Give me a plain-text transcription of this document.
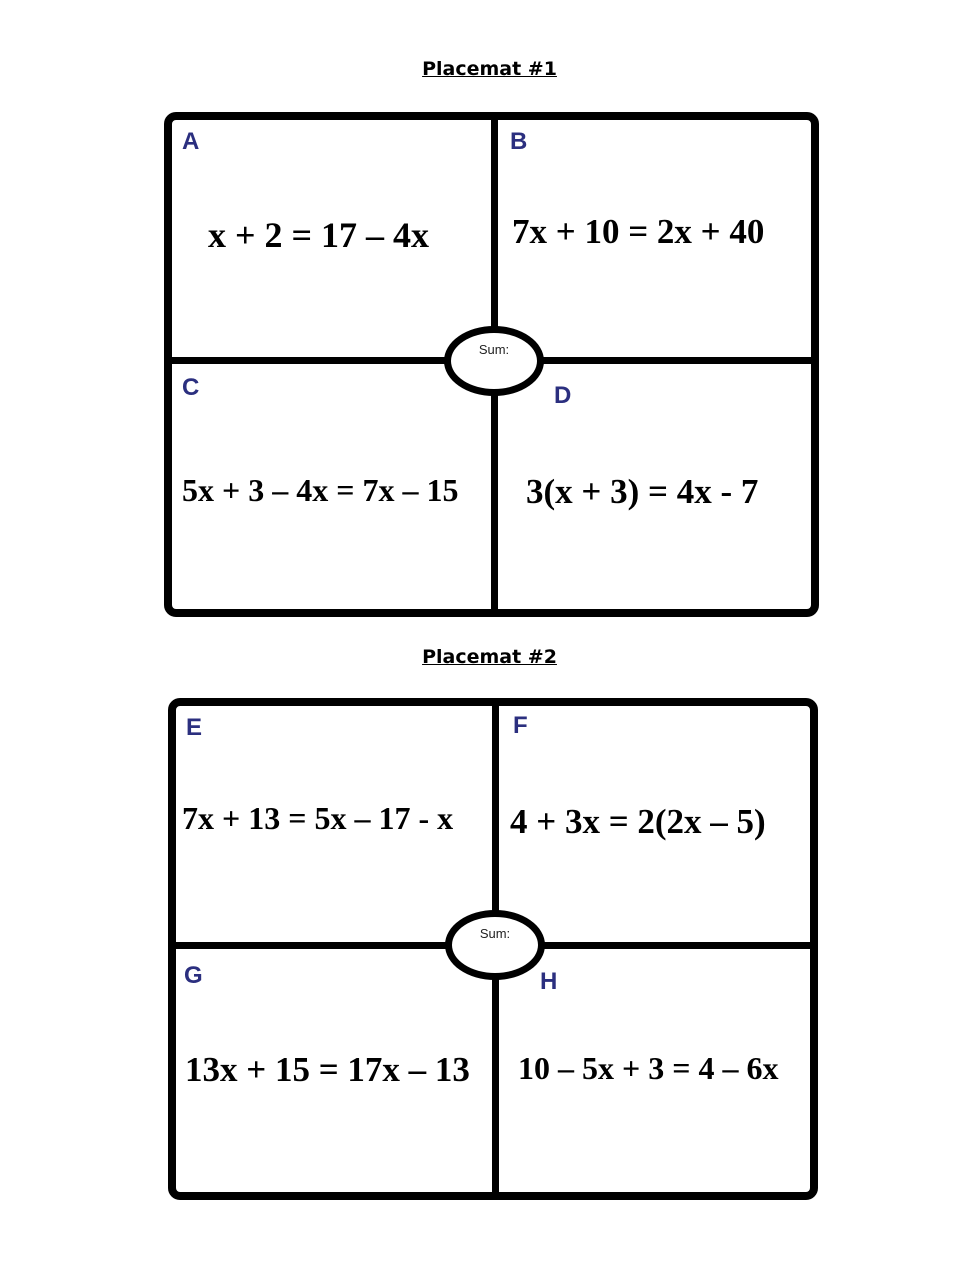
Placemat #1
Sum:
A
x + 2 = 17 – 4x
B
7x + 10 = 2x + 40
C
5x + 3 – 4x = 7x – 15
D
3(x + 3) = 4x - 7
Placemat #2
Sum:
E
7x + 13 = 5x – 17 - x
F
4 + 3x = 2(2x – 5)
G
13x + 15 = 17x – 13
H
10 – 5x + 3 = 4 – 6x
